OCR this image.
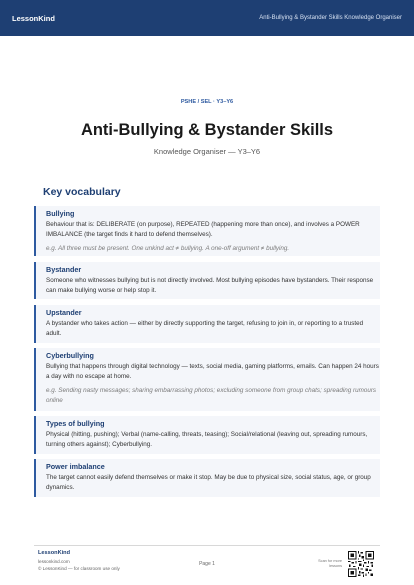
LessonKind	Anti-Bullying & Bystander Skills Knowledge Organiser
PSHE / SEL · Y3–Y6
Anti-Bullying & Bystander Skills
Knowledge Organiser — Y3–Y6
Key vocabulary
Bullying

Behaviour that is: DELIBERATE (on purpose), REPEATED (happening more than once), and involves a POWER IMBALANCE (the target finds it hard to defend themselves).

e.g. All three must be present. One unkind act ≠ bullying. A one-off argument ≠ bullying.

Bystander

Someone who witnesses bullying but is not directly involved. Most bullying episodes have bystanders. Their response can make bullying worse or help stop it.

Upstander

A bystander who takes action — either by directly supporting the target, refusing to join in, or reporting to a trusted adult.

Cyberbullying

Bullying that happens through digital technology — texts, social media, gaming platforms, emails. Can happen 24 hours a day with no escape at home.

e.g. Sending nasty messages; sharing embarrassing photos; excluding someone from group chats; spreading rumours online

Types of bullying

Physical (hitting, pushing); Verbal (name-calling, threats, teasing); Social/relational (leaving out, spreading rumours, turning others against); Cyberbullying.

Power imbalance

The target cannot easily defend themselves or make it stop. May be due to physical size, social status, age, or group dynamics.

LessonKind
lessonkind.com
© LessonKind — for classroom use only
Page 1	Scan for more lessons
